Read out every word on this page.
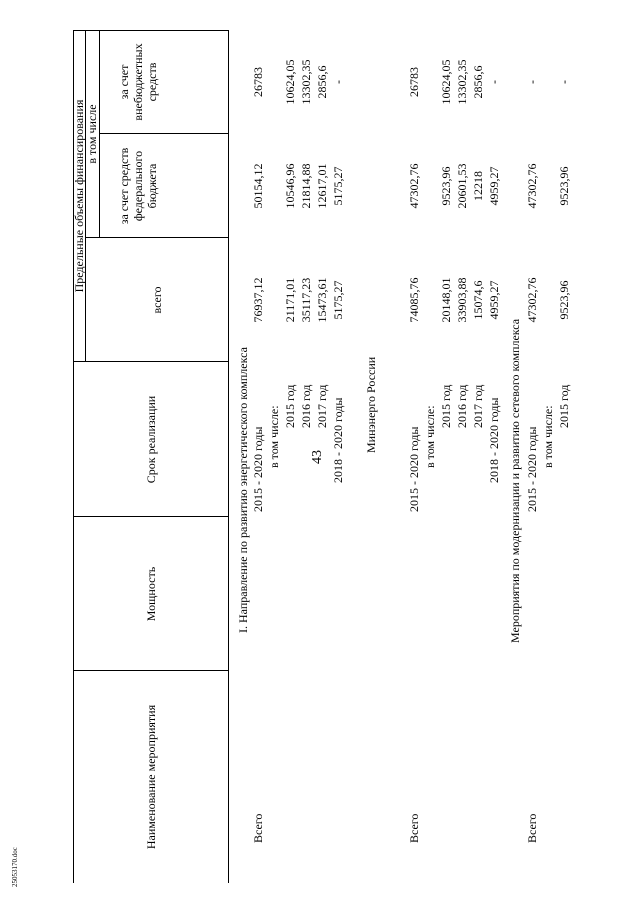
43
25053170.doc
Наименование мероприятия
Мощность
Срок реализации
Предельные объемы финансирования
всего
в том числе
за счет средств федерального бюджета
за счет внебюджетных средств
I. Направление по развитию энергетического комплекса
Всего
2015 - 2020 годы
76937,12
50154,12
26783
в том числе: 2015 год
21171,01
10546,96
10624,05
2016 год
35117,23
21814,88
13302,35
2017 год
15473,61
12617,01
2856,6
2018 - 2020 годы
5175,27
5175,27
-
Минэнерго России
Всего
2015 - 2020 годы
74085,76
47302,76
26783
в том числе: 2015 год
20148,01
9523,96
10624,05
2016 год
33903,88
20601,53
13302,35
2017 год
15074,6
12218
2856,6
2018 - 2020 годы
4959,27
4959,27
-
Мероприятия по модернизации и развитию сетевого комплекса
Всего
2015 - 2020 годы
47302,76
47302,76
-
в том числе: 2015 год
9523,96
9523,96
-
